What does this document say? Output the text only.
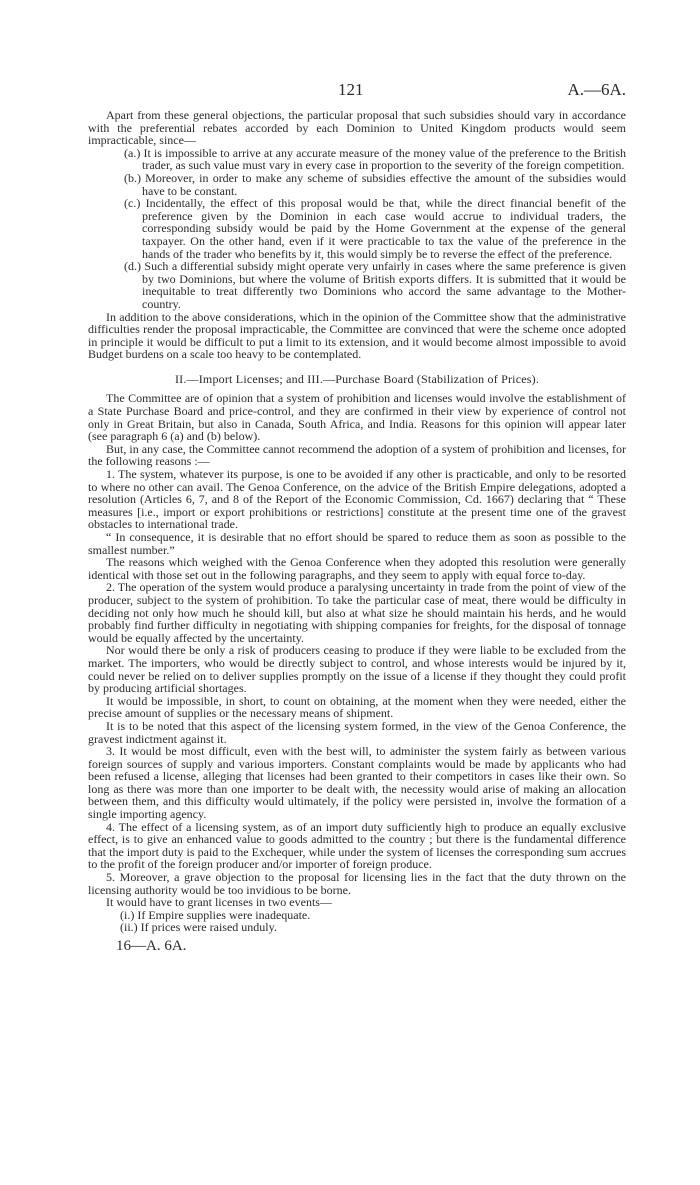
121	A.—6A.

Apart from these general objections, the particular proposal that such subsidies should vary in accordance with the preferential rebates accorded by each Dominion to United Kingdom products would seem impracticable, since—

(a.) It is impossible to arrive at any accurate measure of the money value of the preference to the British trader, as such value must vary in every case in proportion to the severity of the foreign competition.

(b.) Moreover, in order to make any scheme of subsidies effective the amount of the subsidies would have to be constant.

(c.) Incidentally, the effect of this proposal would be that, while the direct financial benefit of the preference given by the Dominion in each case would accrue to individual traders, the corresponding subsidy would be paid by the Home Government at the expense of the general taxpayer. On the other hand, even if it were practicable to tax the value of the preference in the hands of the trader who benefits by it, this would simply be to reverse the effect of the preference.

(d.) Such a differential subsidy might operate very unfairly in cases where the same preference is given by two Dominions, but where the volume of British exports differs. It is submitted that it would be inequitable to treat differently two Dominions who accord the same advantage to the Mother-country.

In addition to the above considerations, which in the opinion of the Committee show that the administrative difficulties render the proposal impracticable, the Committee are convinced that were the scheme once adopted in principle it would be difficult to put a limit to its extension, and it would become almost impossible to avoid Budget burdens on a scale too heavy to be contemplated.

II.—Import Licenses; and III.—Purchase Board (Stabilization of Prices).

The Committee are of opinion that a system of prohibition and licenses would involve the establishment of a State Purchase Board and price-control, and they are confirmed in their view by experience of control not only in Great Britain, but also in Canada, South Africa, and India. Reasons for this opinion will appear later (see paragraph 6 (a) and (b) below).

But, in any case, the Committee cannot recommend the adoption of a system of prohibition and licenses, for the following reasons :—

1. The system, whatever its purpose, is one to be avoided if any other is practicable, and only to be resorted to where no other can avail. The Genoa Conference, on the advice of the British Empire delegations, adopted a resolution (Articles 6, 7, and 8 of the Report of the Economic Commission, Cd. 1667) declaring that “ These measures [i.e., import or export prohibitions or restrictions] constitute at the present time one of the gravest obstacles to international trade.

“ In consequence, it is desirable that no effort should be spared to reduce them as soon as possible to the smallest number.”

The reasons which weighed with the Genoa Conference when they adopted this resolution were generally identical with those set out in the following paragraphs, and they seem to apply with equal force to-day.

2. The operation of the system would produce a paralysing uncertainty in trade from the point of view of the producer, subject to the system of prohibition. To take the particular case of meat, there would be difficulty in deciding not only how much he should kill, but also at what size he should maintain his herds, and he would probably find further difficulty in negotiating with shipping companies for freights, for the disposal of tonnage would be equally affected by the uncertainty.

Nor would there be only a risk of producers ceasing to produce if they were liable to be excluded from the market. The importers, who would be directly subject to control, and whose interests would be injured by it, could never be relied on to deliver supplies promptly on the issue of a license if they thought they could profit by producing artificial shortages.

It would be impossible, in short, to count on obtaining, at the moment when they were needed, either the precise amount of supplies or the necessary means of shipment.

It is to be noted that this aspect of the licensing system formed, in the view of the Genoa Conference, the gravest indictment against it.

3. It would be most difficult, even with the best will, to administer the system fairly as between various foreign sources of supply and various importers. Constant complaints would be made by applicants who had been refused a license, alleging that licenses had been granted to their competitors in cases like their own. So long as there was more than one importer to be dealt with, the necessity would arise of making an allocation between them, and this difficulty would ultimately, if the policy were persisted in, involve the formation of a single importing agency.

4. The effect of a licensing system, as of an import duty sufficiently high to produce an equally exclusive effect, is to give an enhanced value to goods admitted to the country ; but there is the fundamental difference that the import duty is paid to the Exchequer, while under the system of licenses the corresponding sum accrues to the profit of the foreign producer and/or importer of foreign produce.

5. Moreover, a grave objection to the proposal for licensing lies in the fact that the duty thrown on the licensing authority would be too invidious to be borne.

It would have to grant licenses in two events—

(i.) If Empire supplies were inadequate.

(ii.) If prices were raised unduly.

16—A. 6A.
